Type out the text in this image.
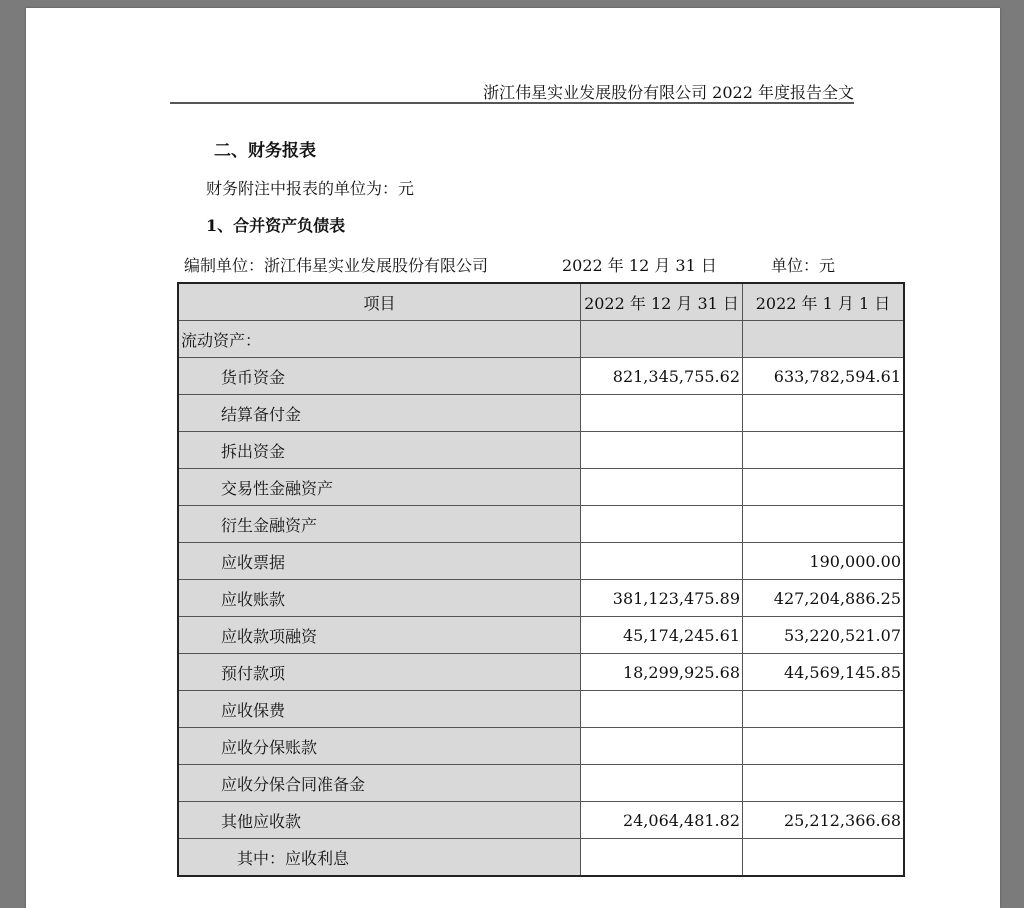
浙江伟星实业发展股份有限公司 2022 年度报告全文
二、财务报表
财务附注中报表的单位为：元
1、合并资产负债表
编制单位：浙江伟星实业发展股份有限公司	2022 年 12 月 31 日	单位：元
项目	2022 年 12 月 31 日	2022 年 1 月 1 日
流动资产：		
货币资金	821,345,755.62	633,782,594.61
结算备付金		
拆出资金		
交易性金融资产		
衍生金融资产		
应收票据		190,000.00
应收账款	381,123,475.89	427,204,886.25
应收款项融资	45,174,245.61	53,220,521.07
预付款项	18,299,925.68	44,569,145.85
应收保费		
应收分保账款		
应收分保合同准备金		
其他应收款	24,064,481.82	25,212,366.68
其中：应收利息		
